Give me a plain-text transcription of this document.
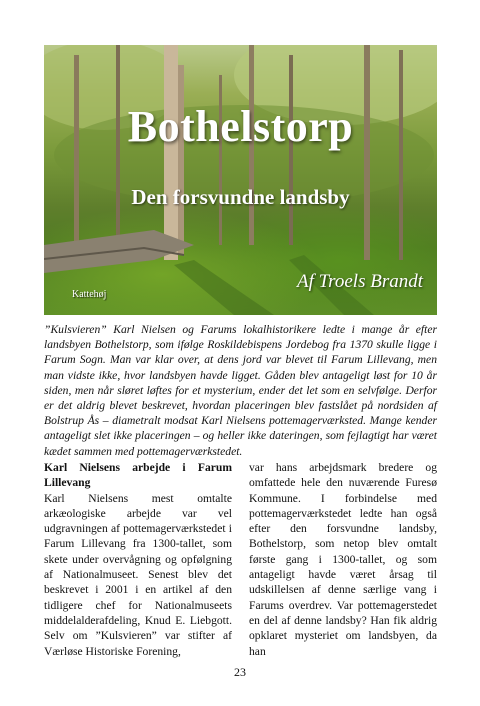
Bothelstorp
Den forsvundne landsby
Af Troels Brandt
Kattehøj

”Kulsvieren” Karl Nielsen og Farums lokalhistorikere ledte i mange år efter landsbyen Bothelstorp, som ifølge Roskildebispens Jordebog fra 1370 skulle ligge i Farum Sogn. Man var klar over, at dens jord var blevet til Farum Lillevang, men man vidste ikke, hvor landsbyen havde ligget. Gåden blev antageligt løst for 10 år siden, men når sløret løftes for et mysterium, ender det let som en selvfølge. Derfor er det aldrig blevet beskrevet, hvordan placeringen blev fastslået på nordsiden af Bolstrup Ås – diametralt modsat Karl Nielsens pottemagerværksted. Mange kender antageligt slet ikke placeringen – og heller ikke dateringen, som fejlagtigt har været kædet sammen med pottemagerværkstedet.

Karl Nielsens arbejde i Farum Lillevang
Karl Nielsens mest omtalte arkæologiske arbejde var vel udgravningen af pottemagerværkstedet i Farum Lillevang fra 1300-tallet, som skete under overvågning og opfølgning af Nationalmuseet. Senest blev det beskrevet i 2001 i en artikel af den tidligere chef for Nationalmuseets middelalderafdeling, Knud E. Liebgott. Selv om ”Kulsvieren” var stifter af Værløse Historiske Forening,

var hans arbejdsmark bredere og omfattede hele den nuværende Furesø Kommune. I forbindelse med pottemagerværkstedet ledte han også efter den forsvundne landsby, Bothelstorp, som netop blev omtalt første gang i 1300-tallet, og som antageligt havde været årsag til udskillelsen af denne særlige vang i Farums overdrev. Var pottemagerstedet en del af denne landsby? Han fik aldrig opklaret mysteriet om landsbyen, da han

23
